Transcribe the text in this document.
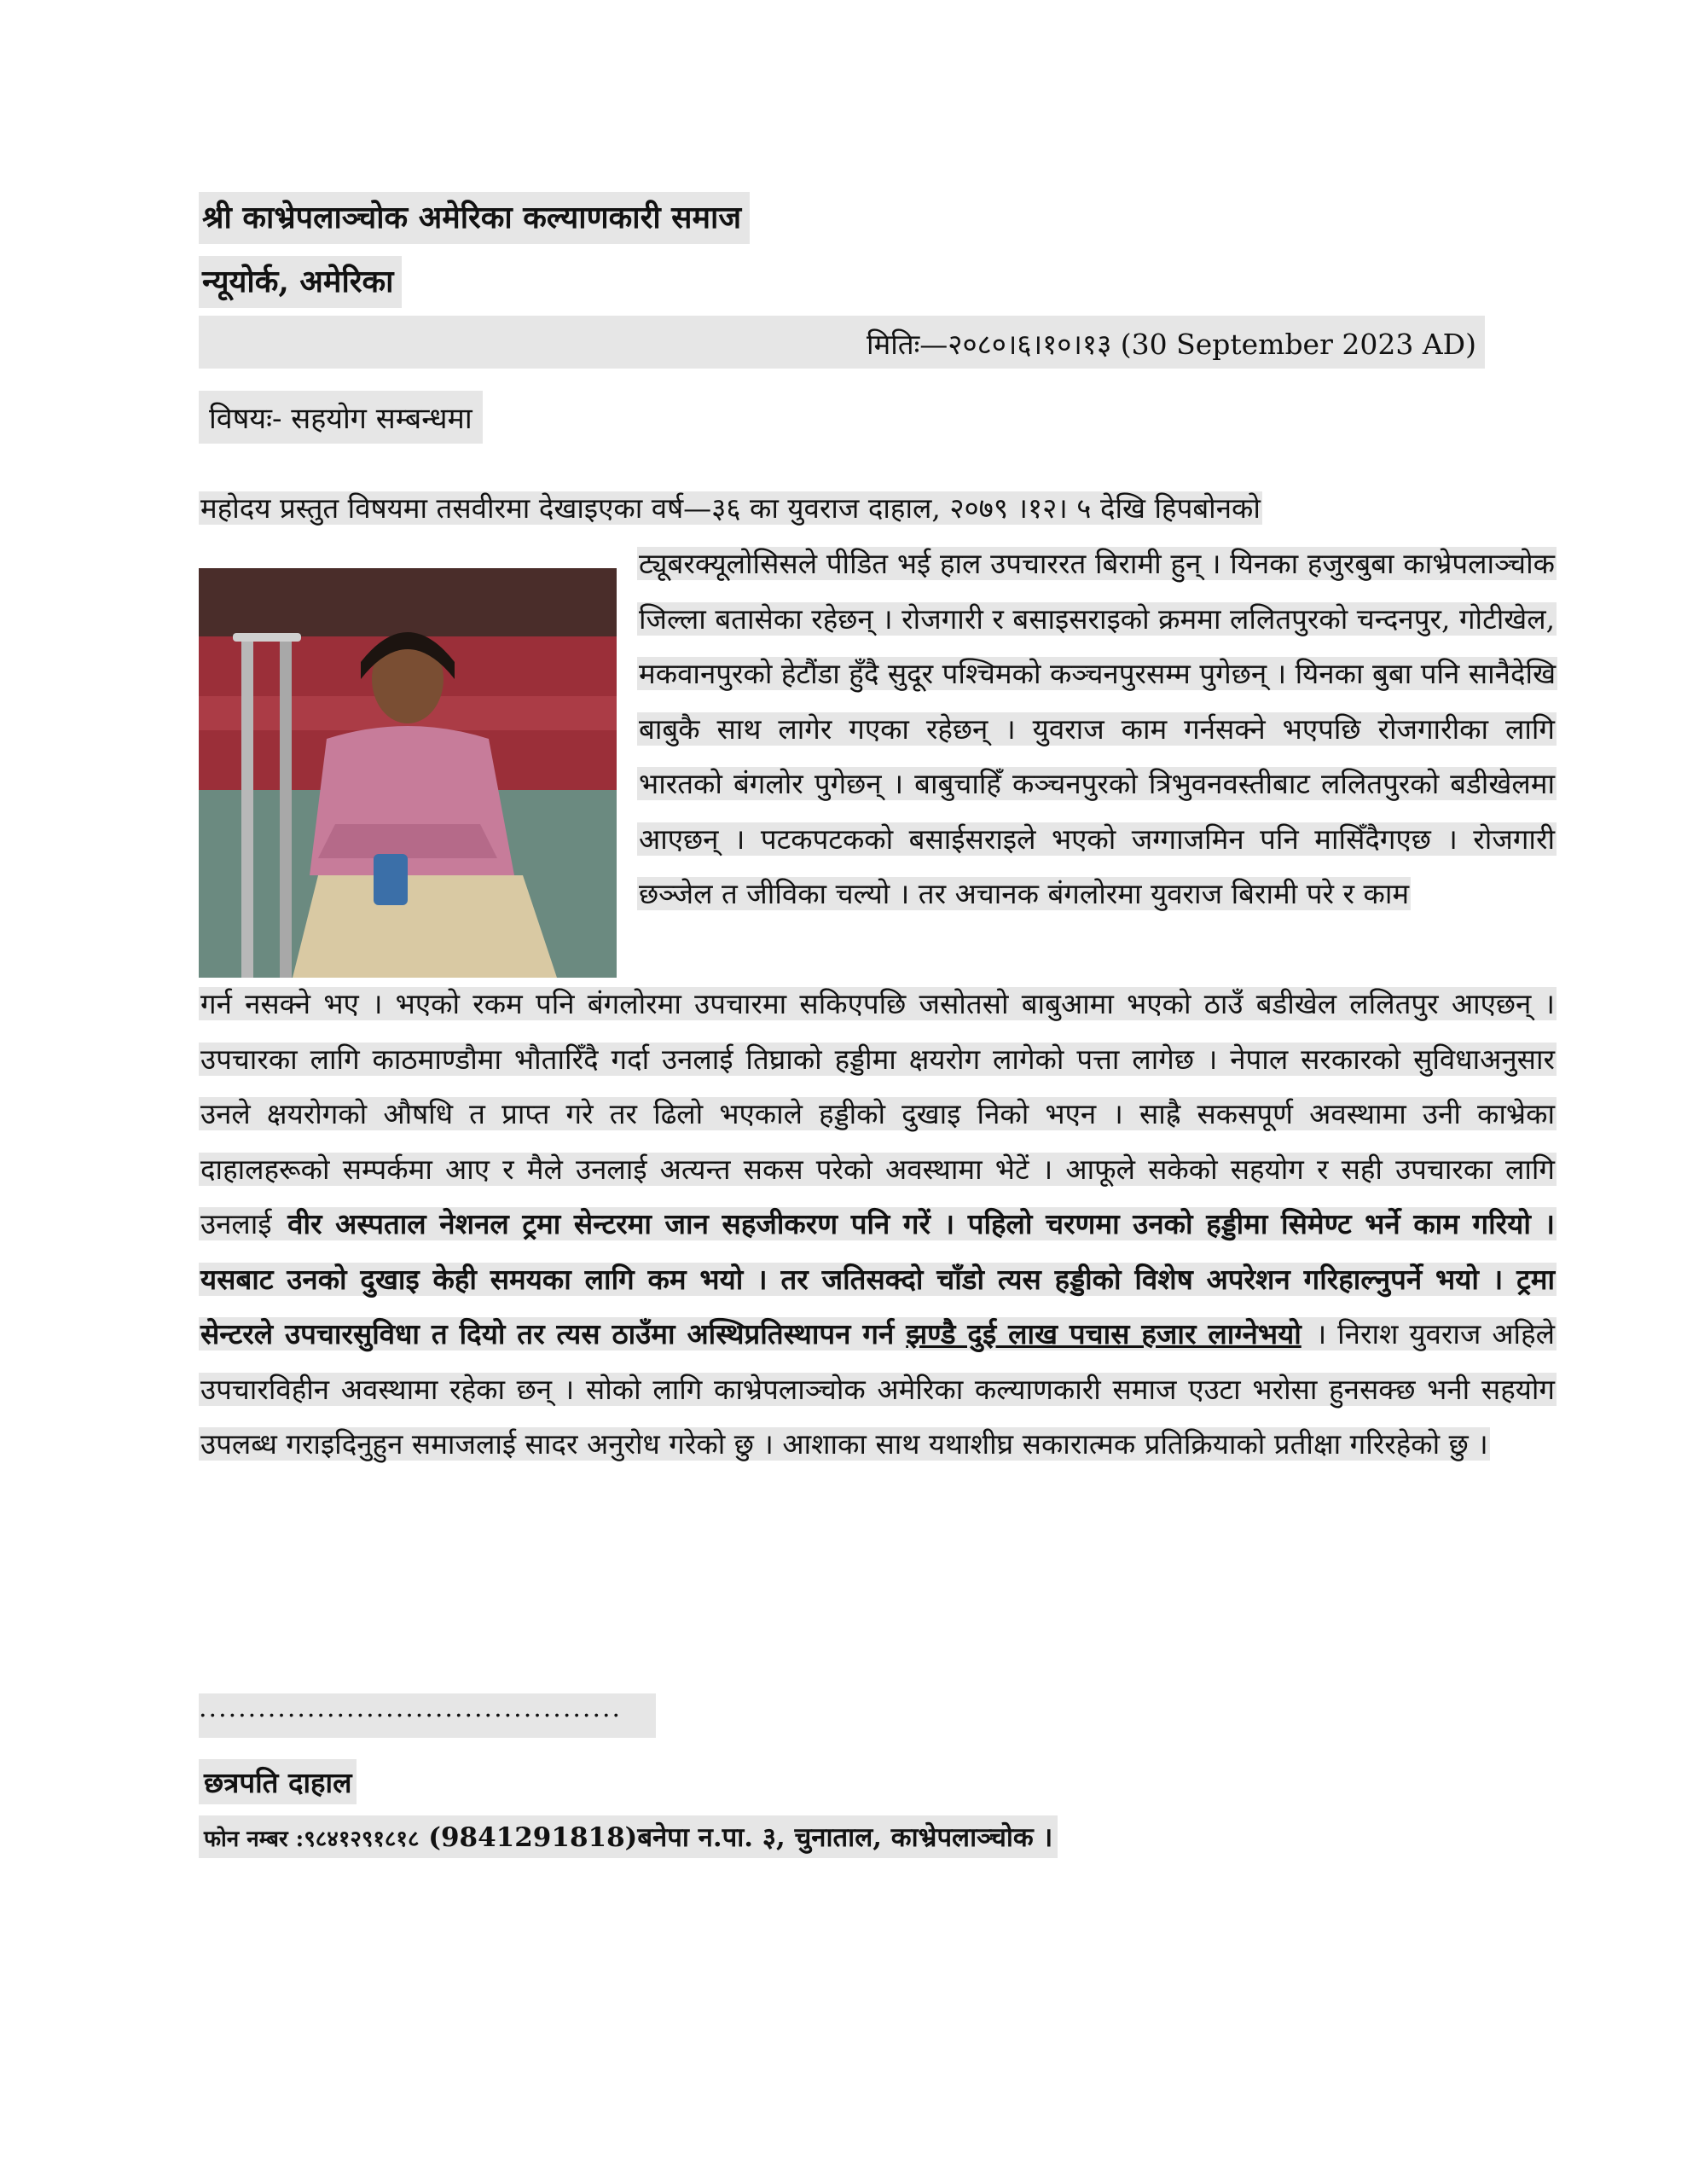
श्री काभ्रेपलाञ्चोक अमेरिका कल्याणकारी समाज
न्यूयोर्क, अमेरिका
मितिः—२०८०।६।१०।१३ (30 September 2023 AD)
विषयः- सहयोग सम्बन्धमा
महोदय प्रस्तुत विषयमा तसवीरमा देखाइएका वर्ष—३६ का युवराज दाहाल, २०७९ ।१२। ५ देखि हिपबोनको
ट्यूबरक्यूलोसिसले पीडित भई हाल उपचाररत बिरामी हुन् । यिनका हजुरबुबा काभ्रेपलाञ्चोक जिल्ला बतासेका रहेछन् । रोजगारी र बसाइसराइको क्रममा ललितपुरको चन्दनपुर, गोटीखेल, मकवानपुरको हेटौंडा हुँदै सुदूर पश्चिमको कञ्चनपुरसम्म पुगेछन् । यिनका बुबा पनि सानैदेखि बाबुकै साथ लागेर गएका रहेछन् । युवराज काम गर्नसक्ने भएपछि रोजगारीका लागि भारतको बंगलोर पुगेछन् । बाबुचाहिँ कञ्चनपुरको त्रिभुवनवस्तीबाट ललितपुरको बडीखेलमा आएछन् । पटकपटकको बसाईसराइले भएको जग्गाजमिन पनि मासिँदैगएछ । रोजगारी छञ्जेल त जीविका चल्यो । तर अचानक बंगलोरमा युवराज बिरामी परे र काम
गर्न नसक्ने भए । भएको रकम पनि बंगलोरमा उपचारमा सकिएपछि जसोतसो बाबुआमा भएको ठाउँ बडीखेल ललितपुर आएछन् । उपचारका लागि काठमाण्डौमा भौतारिँदै गर्दा उनलाई तिघ्राको हड्डीमा क्षयरोग लागेको पत्ता लागेछ । नेपाल सरकारको सुविधाअनुसार उनले क्षयरोगको औषधि त प्राप्त गरे तर ढिलो भएकाले हड्डीको दुखाइ निको भएन । साह्रै सकसपूर्ण अवस्थामा उनी काभ्रेका दाहालहरूको सम्पर्कमा आए र मैले उनलाई अत्यन्त सकस परेको अवस्थामा भेटें । आफूले सकेको सहयोग र सही उपचारका लागि उनलाई वीर अस्पताल नेशनल ट्रमा सेन्टरमा जान सहजीकरण पनि गरें । पहिलो चरणमा उनको हड्डीमा सिमेण्ट भर्ने काम गरियो । यसबाट उनको दुखाइ केही समयका लागि कम भयो । तर जतिसक्दो चाँडो त्यस हड्डीको विशेष अपरेशन गरिहाल्नुपर्ने भयो । ट्रमा सेन्टरले उपचारसुविधा त दियो तर त्यस ठाउँमा अस्थिप्रतिस्थापन गर्न झण्डै दुई लाख पचास हजार लाग्नेभयो । निराश युवराज अहिले उपचारविहीन अवस्थामा रहेका छन् । सोको लागि काभ्रेपलाञ्चोक अमेरिका कल्याणकारी समाज एउटा भरोसा हुनसक्छ भनी सहयोग उपलब्ध गराइदिनुहुन समाजलाई सादर अनुरोध गरेको छु । आशाका साथ यथाशीघ्र सकारात्मक प्रतिक्रियाको प्रतीक्षा गरिरहेको छु ।
...........................................
छत्रपति दाहाल
फोन नम्बर :९८४१२९१८१८ (9841291818)बनेपा न.पा. ३, चुनाताल, काभ्रेपलाञ्चोक ।
